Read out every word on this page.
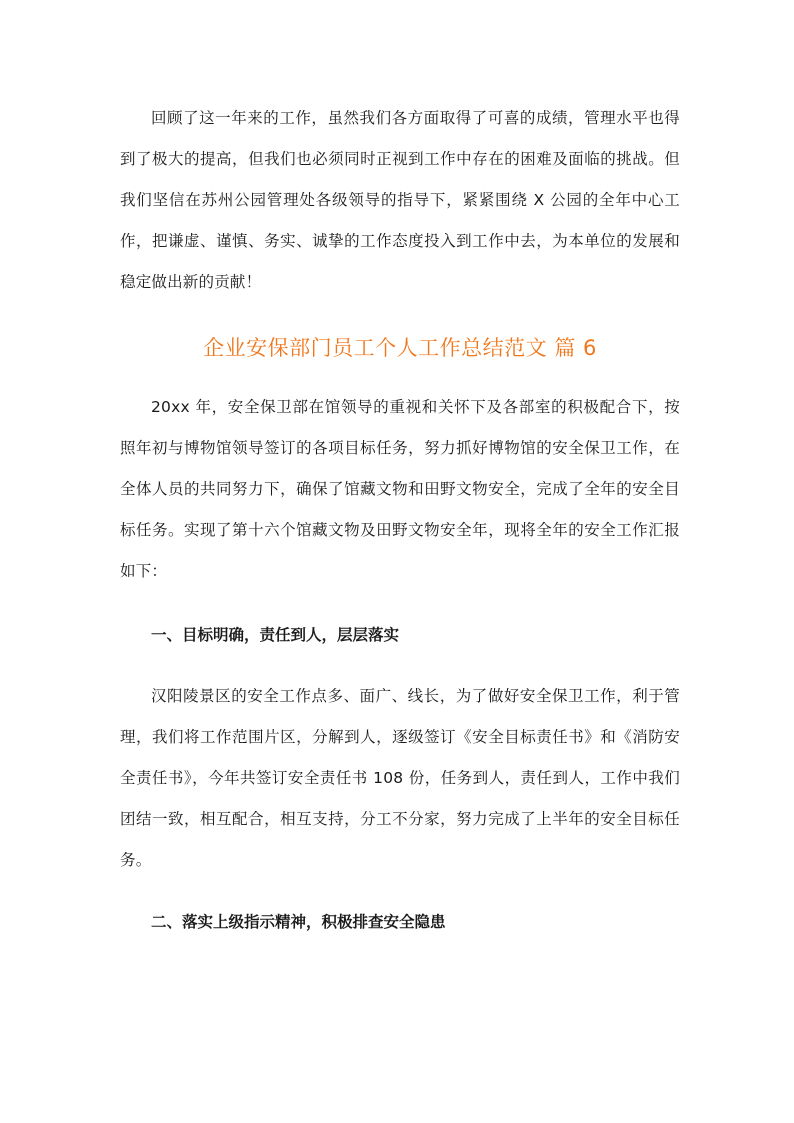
回顾了这一年来的工作，虽然我们各方面取得了可喜的成绩，管理水平也得到了极大的提高，但我们也必须同时正视到工作中存在的困难及面临的挑战。但我们坚信在苏州公园管理处各级领导的指导下，紧紧围绕 X 公园的全年中心工作，把谦虚、谨慎、务实、诚挚的工作态度投入到工作中去，为本单位的发展和稳定做出新的贡献！

企业安保部门员工个人工作总结范文 篇 6

20xx 年，安全保卫部在馆领导的重视和关怀下及各部室的积极配合下，按照年初与博物馆领导签订的各项目标任务，努力抓好博物馆的安全保卫工作，在全体人员的共同努力下，确保了馆藏文物和田野文物安全，完成了全年的安全目标任务。实现了第十六个馆藏文物及田野文物安全年，现将全年的安全工作汇报如下：

一、目标明确，责任到人，层层落实

汉阳陵景区的安全工作点多、面广、线长，为了做好安全保卫工作，利于管理，我们将工作范围片区，分解到人，逐级签订《安全目标责任书》和《消防安全责任书》，今年共签订安全责任书 108 份，任务到人，责任到人，工作中我们团结一致，相互配合，相互支持，分工不分家，努力完成了上半年的安全目标任务。

二、落实上级指示精神，积极排查安全隐患
